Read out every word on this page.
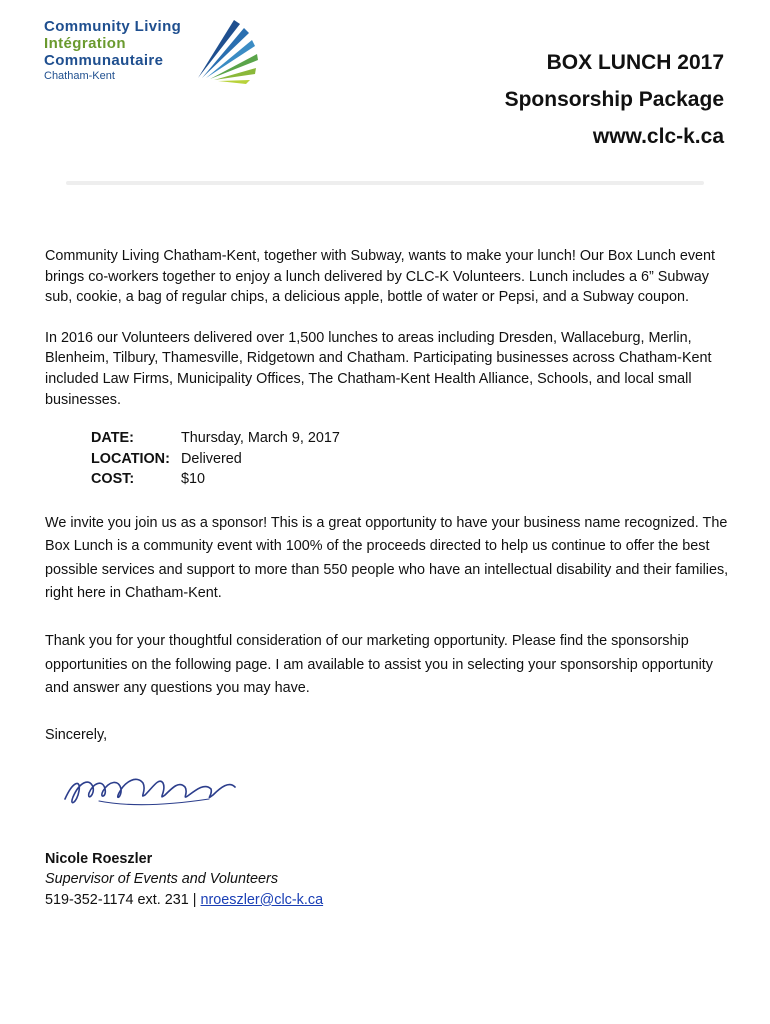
Community Living
Intégration
Communautaire
Chatham-Kent
BOX LUNCH 2017
Sponsorship Package
www.clc-k.ca

Community Living Chatham-Kent, together with Subway, wants to make your lunch! Our Box Lunch event brings co-workers together to enjoy a lunch delivered by CLC-K Volunteers. Lunch includes a 6” Subway sub, cookie, a bag of regular chips, a delicious apple, bottle of water or Pepsi, and a Subway coupon.

In 2016 our Volunteers delivered over 1,500 lunches to areas including Dresden, Wallaceburg, Merlin, Blenheim, Tilbury, Thamesville, Ridgetown and Chatham. Participating businesses across Chatham-Kent included Law Firms, Municipality Offices, The Chatham-Kent Health Alliance, Schools, and local small businesses.

DATE:	Thursday, March 9, 2017
LOCATION: Delivered
COST:	$10

We invite you join us as a sponsor! This is a great opportunity to have your business name recognized. The Box Lunch is a community event with 100% of the proceeds directed to help us continue to offer the best possible services and support to more than 550 people who have an intellectual disability and their families, right here in Chatham-Kent.

Thank you for your thoughtful consideration of our marketing opportunity. Please find the sponsorship opportunities on the following page. I am available to assist you in selecting your sponsorship opportunity and answer any questions you may have.

Sincerely,

Nicole Roeszler
Supervisor of Events and Volunteers
519-352-1174 ext. 231 | nroeszler@clc-k.ca
